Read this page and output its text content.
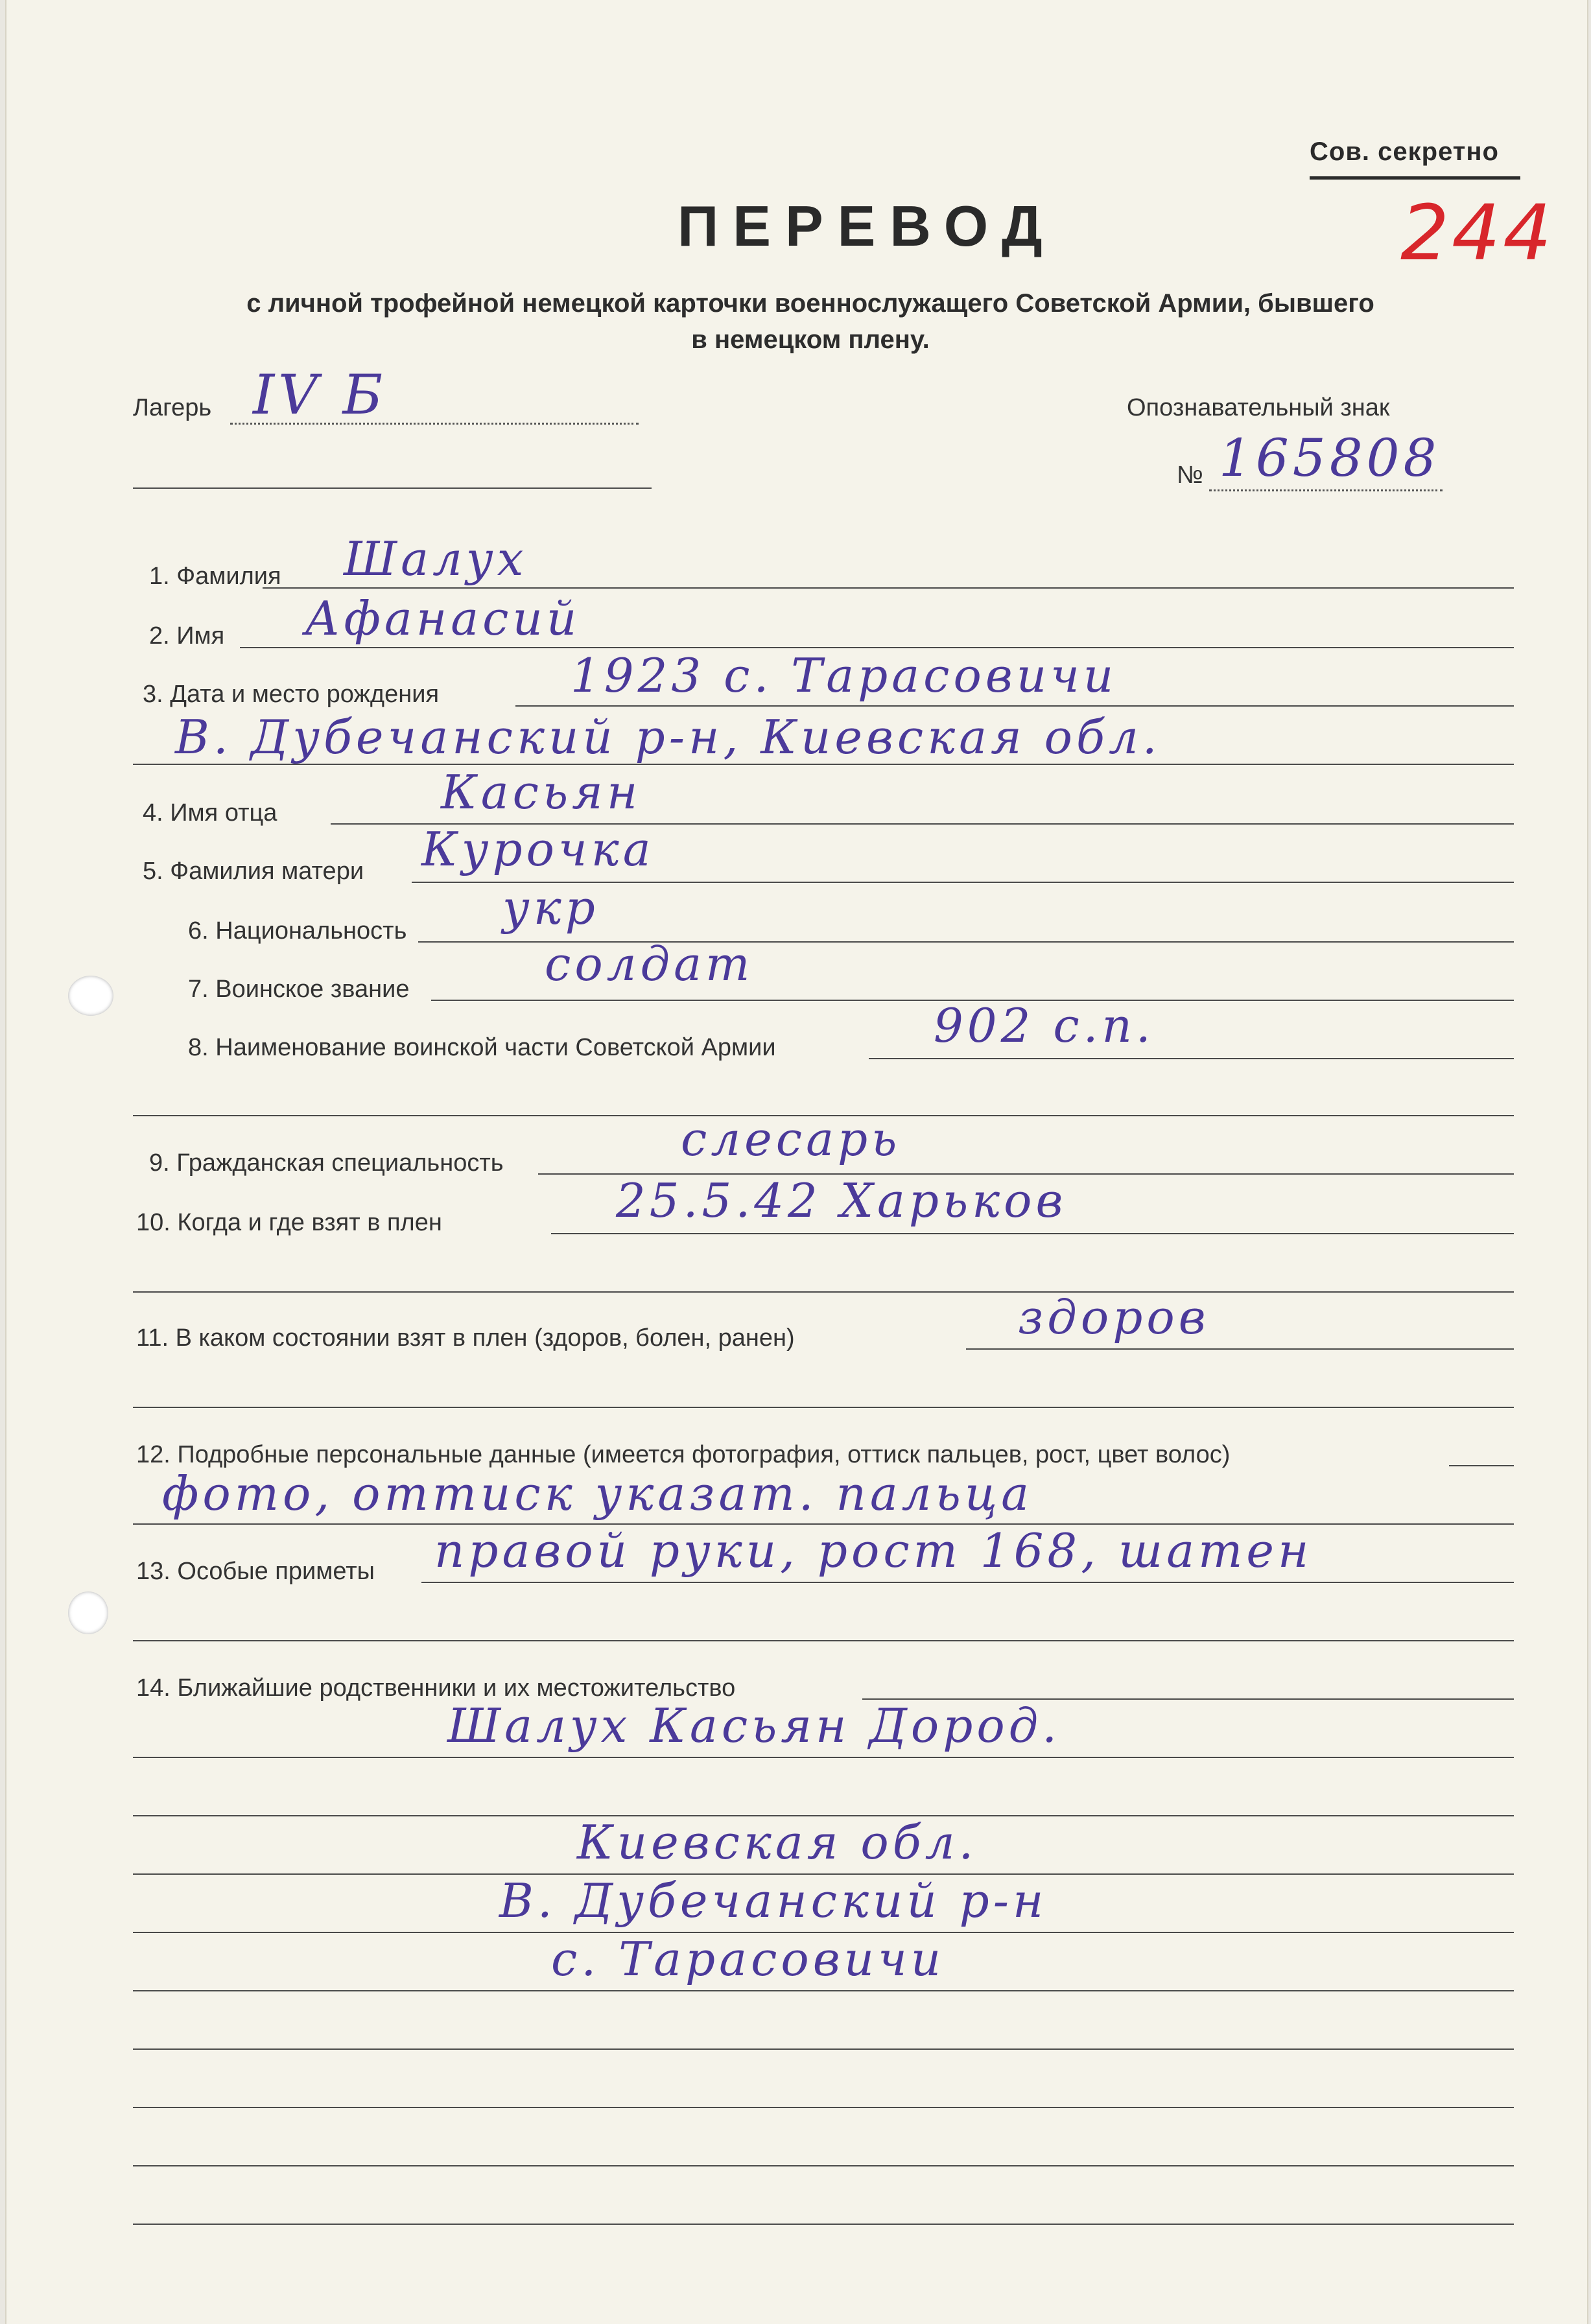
Сов. секретно
244
ПЕРЕВОД
с личной трофейной немецкой карточки военнослужащего Советской Армии, бывшего в немецком плену.
Лагерь IV Б	Опознавательный знак
№ 165808
1. Фамилия Шалух
2. Имя Афанасий
3. Дата и место рождения	1923 с. Тарасовичи
В. Дубечанский р-н, Киевская обл.
4. Имя отца	Касьян
5. Фамилия матери Курочка
6. Национальность укр
7. Воинское звание	солдат
8. Наименование воинской части Советской Армии	902 с.п.
9. Гражданская специальность	слесарь
10. Когда и где взят в плен	25.5.42 Харьков
11. В каком состоянии взят в плен (здоров, болен, ранен)	здоров
12. Подробные персональные данные (имеется фотография, оттиск пальцев, рост, цвет волос)
фото, оттиск указат. пальца
13. Особые приметы правой руки, рост 168, шатен
14. Ближайшие родственники и их местожительство
Шалух Касьян Дород.
Киевская обл.
В. Дубечанский р-н
с. Тарасовичи
